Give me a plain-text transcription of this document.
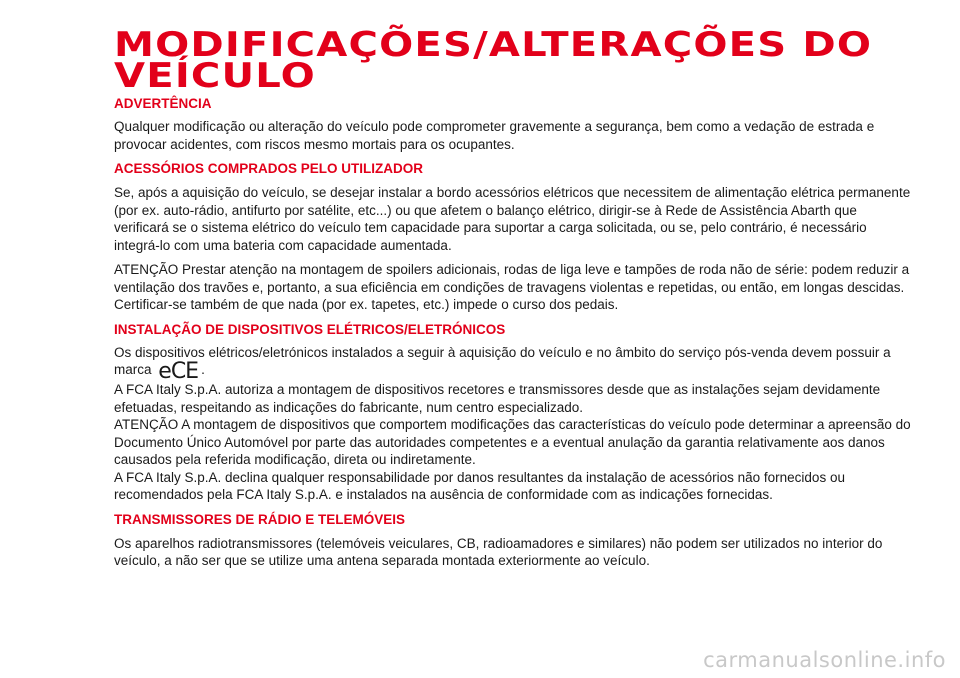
MODIFICAÇÕES/ALTERAÇÕES DO
VEÍCULO
ADVERTÊNCIA

Qualquer modificação ou alteração do veículo pode comprometer gravemente a segurança, bem como a vedação de estrada e provocar acidentes, com riscos mesmo mortais para os ocupantes.

ACESSÓRIOS COMPRADOS PELO UTILIZADOR

Se, após a aquisição do veículo, se desejar instalar a bordo acessórios elétricos que necessitem de alimentação elétrica permanente (por ex. auto-rádio, antifurto por satélite, etc...) ou que afetem o balanço elétrico, dirigir-se à Rede de Assistência Abarth que verificará se o sistema elétrico do veículo tem capacidade para suportar a carga solicitada, ou se, pelo contrário, é necessário integrá-lo com uma bateria com capacidade aumentada.

ATENÇÃO Prestar atenção na montagem de spoilers adicionais, rodas de liga leve e tampões de roda não de série: podem reduzir a ventilação dos travões e, portanto, a sua eficiência em condições de travagens violentas e repetidas, ou então, em longas descidas. Certificar-se também de que nada (por ex. tapetes, etc.) impede o curso dos pedais.

INSTALAÇÃO DE DISPOSITIVOS ELÉTRICOS/ELETRÓNICOS

Os dispositivos elétricos/eletrónicos instalados a seguir à aquisição do veículo e no âmbito do serviço pós-venda devem possuir a marca eCE .

A FCA Italy S.p.A. autoriza a montagem de dispositivos recetores e transmissores desde que as instalações sejam devidamente efetuadas, respeitando as indicações do fabricante, num centro especializado.

ATENÇÃO A montagem de dispositivos que comportem modificações das características do veículo pode determinar a apreensão do Documento Único Automóvel por parte das autoridades competentes e a eventual anulação da garantia relativamente aos danos causados pela referida modificação, direta ou indiretamente.

A FCA Italy S.p.A. declina qualquer responsabilidade por danos resultantes da instalação de acessórios não fornecidos ou recomendados pela FCA Italy S.p.A. e instalados na ausência de conformidade com as indicações fornecidas.

TRANSMISSORES DE RÁDIO E TELEMÓVEIS

Os aparelhos radiotransmissores (telemóveis veiculares, CB, radioamadores e similares) não podem ser utilizados no interior do veículo, a não ser que se utilize uma antena separada montada exteriormente ao veículo.

carmanualsonline.info
